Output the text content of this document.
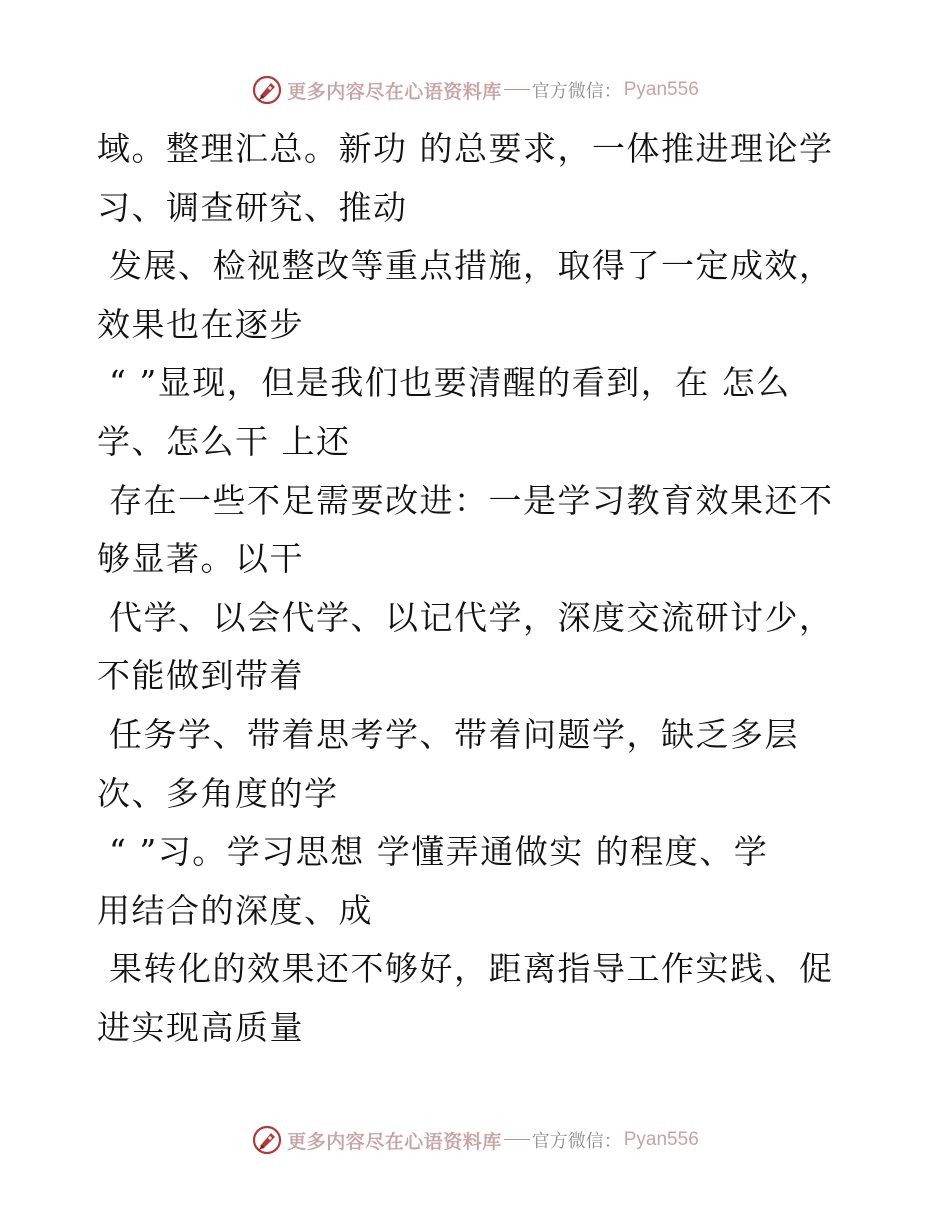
更多内容尽在心语资料库 官方微信： Pyan556
域。整理汇总。新功 的总要求，一体推进理论学
习、调查研究、推动
发展、检视整改等重点措施，取得了一定成效，
效果也在逐步
“ ”显现，但是我们也要清醒的看到，在 怎么
学、怎么干 上还
存在一些不足需要改进：一是学习教育效果还不
够显著。以干
代学、以会代学、以记代学，深度交流研讨少，
不能做到带着
任务学、带着思考学、带着问题学，缺乏多层
次、多角度的学
“ ”习。学习思想 学懂弄通做实 的程度、学
用结合的深度、成
果转化的效果还不够好，距离指导工作实践、促
进实现高质量
更多内容尽在心语资料库 官方微信： Pyan556
